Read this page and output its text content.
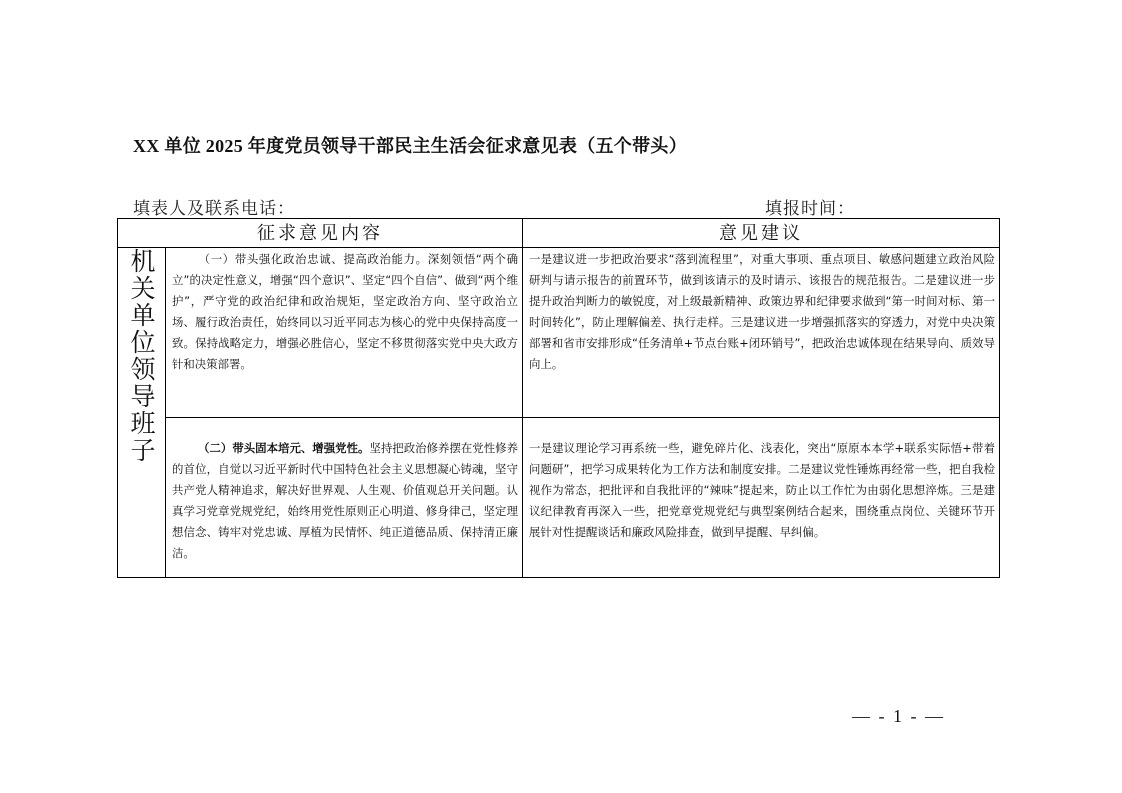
XX 单位 2025 年度党员领导干部民主生活会征求意见表（五个带头）
填表人及联系电话：	填报时间：
征求意见内容		意见建议

机关单位领导班子	（一）带头强化政治忠诚、提高政治能力。深刻领悟“两个确立”的决定性意义，增强“四个意识”、坚定“四个自信”、做到“两个维护”，严守党的政治纪律和政治规矩，坚定政治方向、坚守政治立场、履行政治责任，始终同以习近平同志为核心的党中央保持高度一致。保持战略定力，增强必胜信心，坚定不移贯彻落实党中央大政方针和决策部署。	一是建议进一步把政治要求“落到流程里”，对重大事项、重点项目、敏感问题建立政治风险研判与请示报告的前置环节，做到该请示的及时请示、该报告的规范报告。二是建议进一步提升政治判断力的敏锐度，对上级最新精神、政策边界和纪律要求做到“第一时间对标、第一时间转化”，防止理解偏差、执行走样。三是建议进一步增强抓落实的穿透力，对党中央决策部署和省市安排形成“任务清单+节点台账+闭环销号”，把政治忠诚体现在结果导向、质效导向上。

	（二）带头固本培元、增强党性。坚持把政治修养摆在党性修养的首位，自觉以习近平新时代中国特色社会主义思想凝心铸魂，坚守共产党人精神追求，解决好世界观、人生观、价值观总开关问题。认真学习党章党规党纪，始终用党性原则正心明道、修身律己，坚定理想信念、铸牢对党忠诚、厚植为民情怀、纯正道德品质、保持清正廉洁。	一是建议理论学习再系统一些，避免碎片化、浅表化，突出“原原本本学+联系实际悟+带着问题研”，把学习成果转化为工作方法和制度安排。二是建议党性锤炼再经常一些，把自我检视作为常态，把批评和自我批评的“辣味”提起来，防止以工作忙为由弱化思想淬炼。三是建议纪律教育再深入一些，把党章党规党纪与典型案例结合起来，围绕重点岗位、关键环节开展针对性提醒谈话和廉政风险排查，做到早提醒、早纠偏。
— - 1 - —
